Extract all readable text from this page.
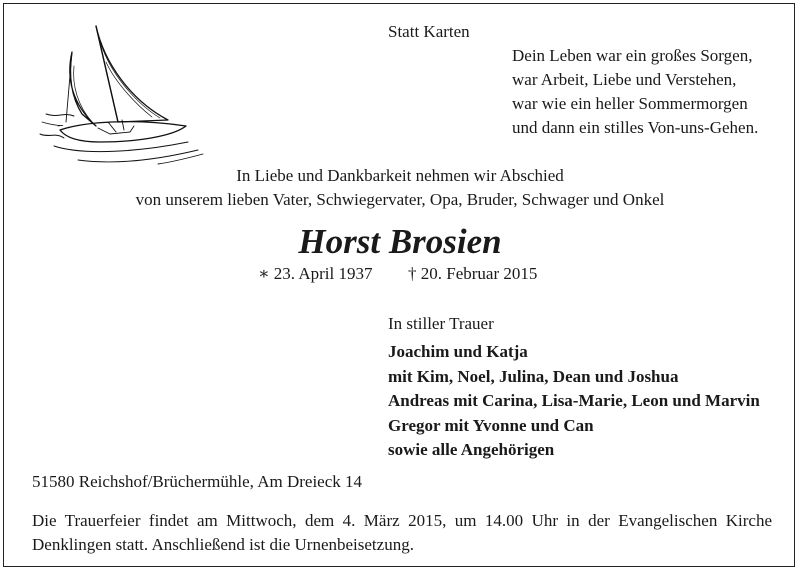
Statt Karten
Dein Leben war ein großes Sorgen,
war Arbeit, Liebe und Verstehen,
war wie ein heller Sommermorgen
und dann ein stilles Von-uns-Gehen.
In Liebe und Dankbarkeit nehmen wir Abschied
von unserem lieben Vater, Schwiegervater, Opa, Bruder, Schwager und Onkel
Horst Brosien
∗ 23. April 1937 † 20. Februar 2015
In stiller Trauer
Joachim und Katja
mit Kim, Noel, Julina, Dean und Joshua
Andreas mit Carina, Lisa-Marie, Leon und Marvin
Gregor mit Yvonne und Can
sowie alle Angehörigen
51580 Reichshof/Brüchermühle, Am Dreieck 14
Die Trauerfeier findet am Mittwoch, dem 4. März 2015, um 14.00 Uhr in der Evangelischen Kirche Denklingen statt. Anschließend ist die Urnenbeisetzung.
